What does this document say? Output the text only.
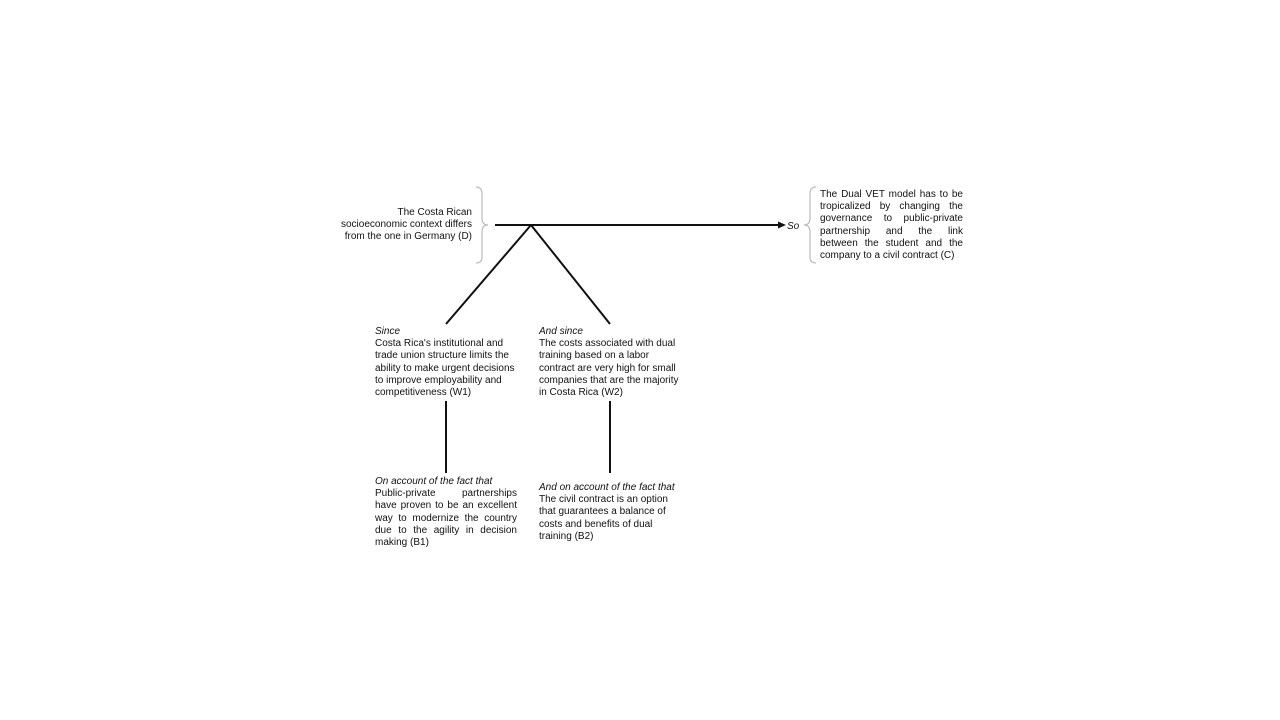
The Costa Rican socioeconomic context differs from the one in Germany (D)
So
The Dual VET model has to be tropicalized by changing the governance to public-private partnership and the link between the student and the company to a civil contract (C)
Since
Costa Rica's institutional and trade union structure limits the ability to make urgent decisions to improve employability and competitiveness (W1)
And since
The costs associated with dual training based on a labor contract are very high for small companies that are the majority in Costa Rica (W2)
On account of the fact that
Public-private partnerships have proven to be an excellent way to modernize the country due to the agility in decision making (B1)
And on account of the fact that
The civil contract is an option that guarantees a balance of costs and benefits of dual training (B2)
